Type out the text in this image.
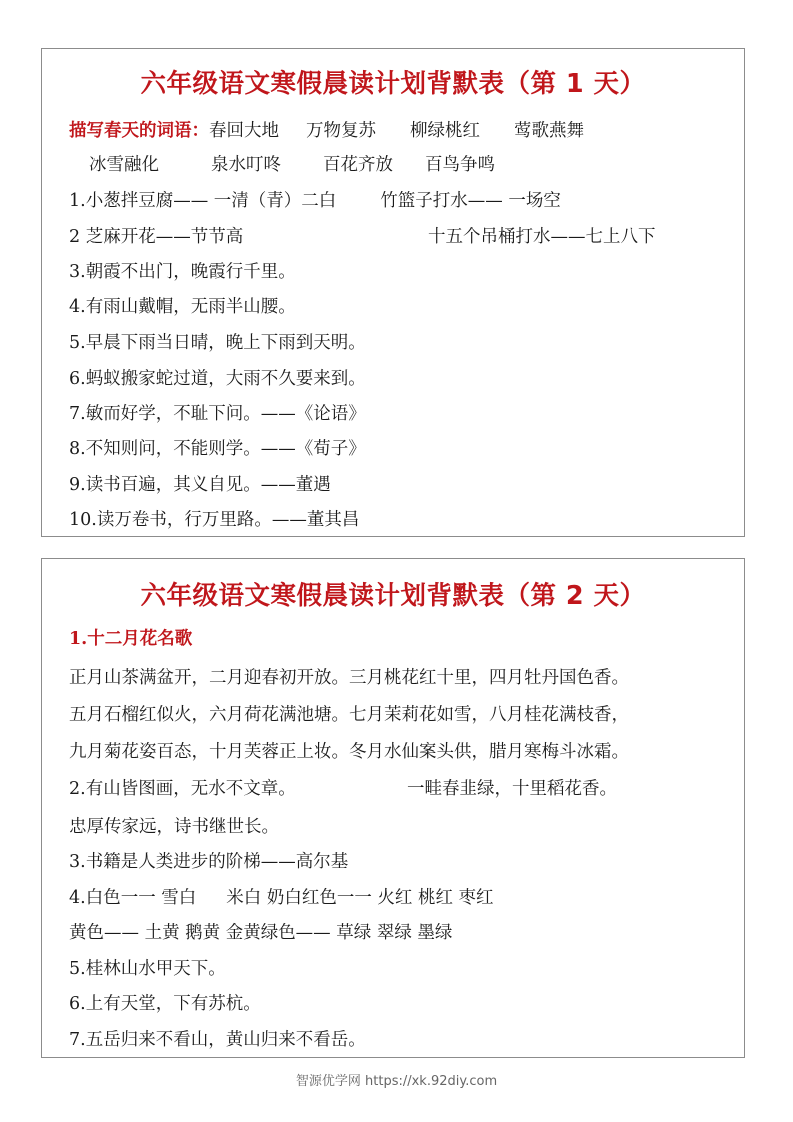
六年级语文寒假晨读计划背默表（第 1 天）
描写春天的词语：春回大地 万物复苏 柳绿桃红 莺歌燕舞
冰雪融化	泉水叮咚 百花齐放 百鸟争鸣
1.小葱拌豆腐—— 一清（青）二白	竹篮子打水—— 一场空
2 芝麻开花——节节高	十五个吊桶打水——七上八下
3.朝霞不出门，晚霞行千里。
4.有雨山戴帽，无雨半山腰。
5.早晨下雨当日晴，晚上下雨到天明。
6.蚂蚁搬家蛇过道，大雨不久要来到。
7.敏而好学，不耻下问。——《论语》
8.不知则问，不能则学。——《荀子》
9.读书百遍，其义自见。——董遇
10.读万卷书，行万里路。——董其昌
六年级语文寒假晨读计划背默表（第 2 天）
1.十二月花名歌
正月山茶满盆开，二月迎春初开放。三月桃花红十里，四月牡丹国色香。
五月石榴红似火，六月荷花满池塘。七月茉莉花如雪，八月桂花满枝香，
九月菊花姿百态，十月芙蓉正上妆。冬月水仙案头供，腊月寒梅斗冰霜。
2.有山皆图画，无水不文章。	一畦春韭绿，十里稻花香。
忠厚传家远，诗书继世长。
3.书籍是人类进步的阶梯——高尔基
4.白色一一 雪白 米白 奶白红色一一 火红 桃红 枣红
黄色—— 土黄 鹅黄 金黄绿色—— 草绿 翠绿 墨绿
5.桂林山水甲天下。
6.上有天堂，下有苏杭。
7.五岳归来不看山，黄山归来不看岳。
智源优学网 https://xk.92diy.com
